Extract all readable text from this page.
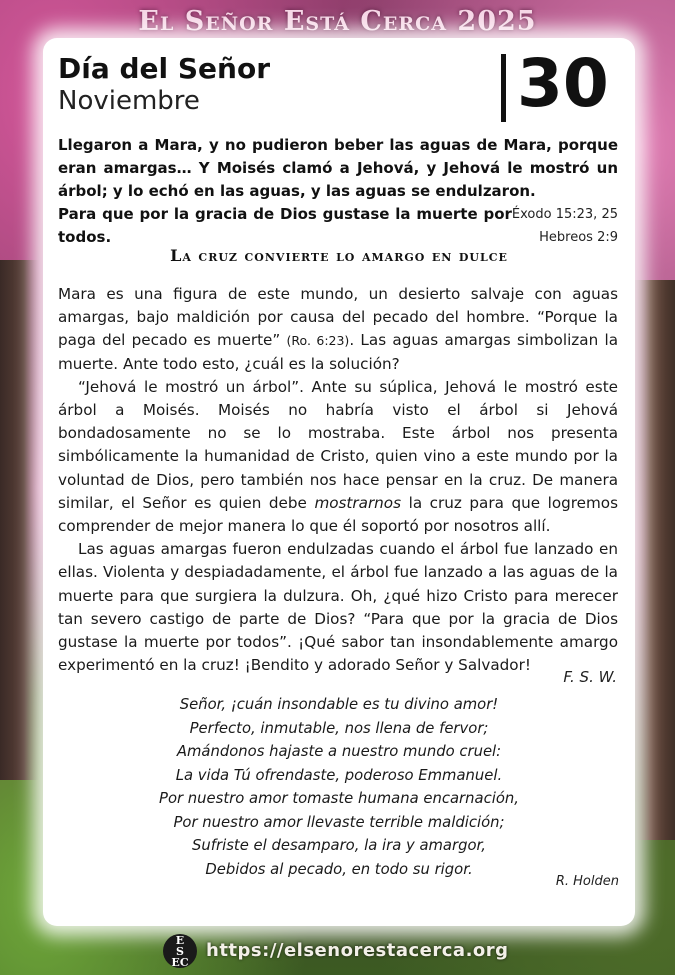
El Señor Está Cerca 2025
Día del Señor
Noviembre	30
Llegaron a Mara, y no pudieron beber las aguas de Mara, porque eran amargas… Y Moisés clamó a Jehová, y Jehová le mostró un árbol; y lo echó en las aguas, y las aguas se endulzaron.
Éxodo 15:23, 25
Para que por la gracia de Dios gustase la muerte por todos.	Hebreos 2:9
La cruz convierte lo amargo en dulce

Mara es una figura de este mundo, un desierto salvaje con aguas amargas, bajo maldición por causa del pecado del hombre. “Porque la paga del pecado es muerte” (Ro. 6:23). Las aguas amargas simbolizan la muerte. Ante todo esto, ¿cuál es la solución?

“Jehová le mostró un árbol”. Ante su súplica, Jehová le mostró este árbol a Moisés. Moisés no habría visto el árbol si Jehová bondadosamente no se lo mostraba. Este árbol nos presenta simbólicamente la humanidad de Cristo, quien vino a este mundo por la voluntad de Dios, pero también nos hace pensar en la cruz. De manera similar, el Señor es quien debe mostrarnos la cruz para que logremos comprender de mejor manera lo que él soportó por nosotros allí.

Las aguas amargas fueron endulzadas cuando el árbol fue lanzado en ellas. Violenta y despiadadamente, el árbol fue lanzado a las aguas de la muerte para que surgiera la dulzura. Oh, ¿qué hizo Cristo para merecer tan severo castigo de parte de Dios? “Para que por la gracia de Dios gustase la muerte por todos”. ¡Qué sabor tan insondablemente amargo experimentó en la cruz! ¡Bendito y adorado Señor y Salvador!

F. S. W.
Señor, ¡cuán insondable es tu divino amor!
Perfecto, inmutable, nos llena de fervor;
Amándonos hajaste a nuestro mundo cruel:
La vida Tú ofrendaste, poderoso Emmanuel.
Por nuestro amor tomaste humana encarnación,
Por nuestro amor llevaste terrible maldición;
Sufriste el desamparo, la ira y amargor,
Debidos al pecado, en todo su rigor.
R. Holden
E
S
EC
https://elsenorestacerca.org
